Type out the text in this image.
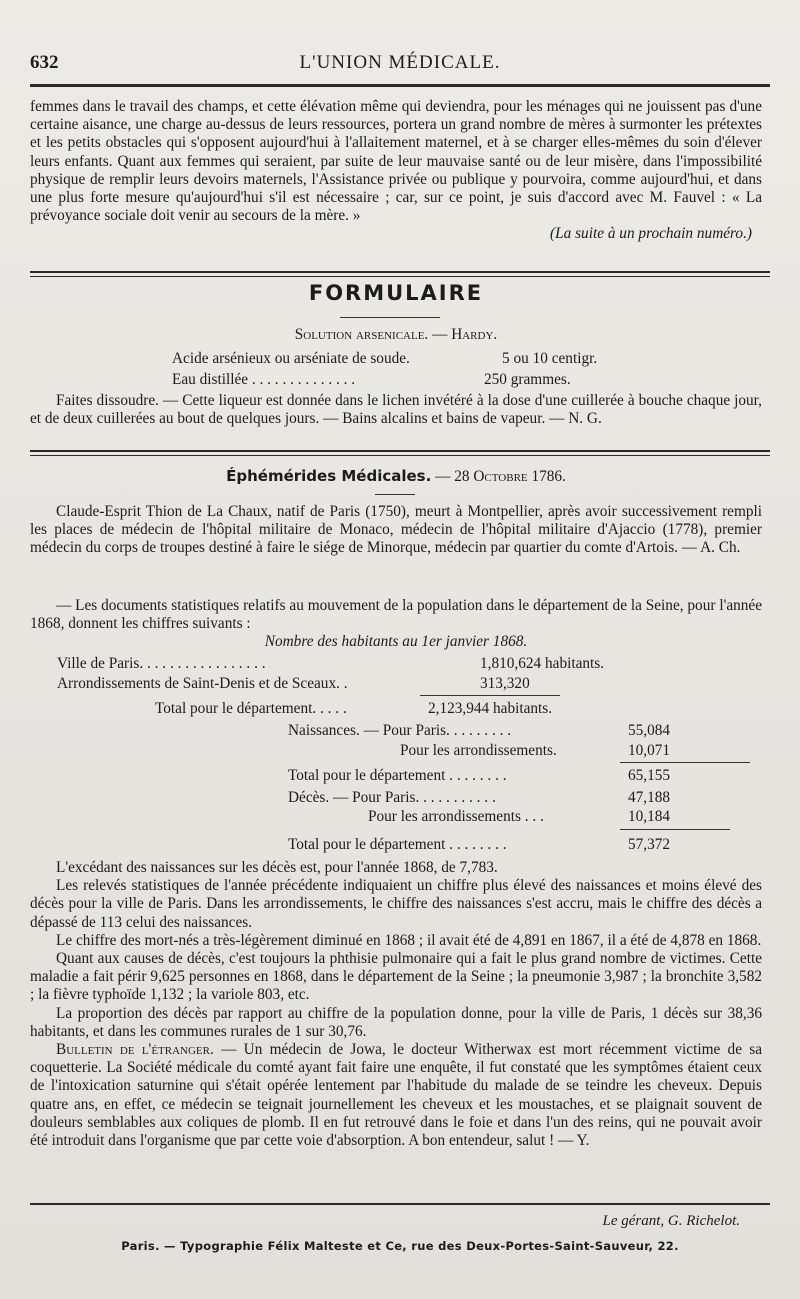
632	L'UNION MÉDICALE.

femmes dans le travail des champs, et cette élévation même qui deviendra, pour les ménages qui ne jouissent pas d'une certaine aisance, une charge au-dessus de leurs ressources, portera un grand nombre de mères à surmonter les prétextes et les petits obstacles qui s'opposent aujourd'hui à l'allaitement maternel, et à se charger elles-mêmes du soin d'élever leurs enfants. Quant aux femmes qui seraient, par suite de leur mauvaise santé ou de leur misère, dans l'impossibilité physique de remplir leurs devoirs maternels, l'Assistance privée ou publique y pourvoira, comme aujourd'hui, et dans une plus forte mesure qu'aujourd'hui s'il est nécessaire ; car, sur ce point, je suis d'accord avec M. Fauvel : « La prévoyance sociale doit venir au secours de la mère. »

(La suite à un prochain numéro.)

FORMULAIRE
Solution arsenicale. — Hardy.
Acide arsénieux ou arséniate de soude.	5 ou 10 centigr.
Eau distillée . . . . . . . . . . . . . .	250 grammes.

Faites dissoudre. — Cette liqueur est donnée dans le lichen invétéré à la dose d'une cuillerée à bouche chaque jour, et de deux cuillerées au bout de quelques jours. — Bains alcalins et bains de vapeur. — N. G.

Éphémérides Médicales. — 28 Octobre 1786.

Claude-Esprit Thion de La Chaux, natif de Paris (1750), meurt à Montpellier, après avoir successivement rempli les places de médecin de l'hôpital militaire de Monaco, médecin de l'hôpital militaire d'Ajaccio (1778), premier médecin du corps de troupes destiné à faire le siége de Minorque, médecin par quartier du comte d'Artois. — A. Ch.

— Les documents statistiques relatifs au mouvement de la population dans le département de la Seine, pour l'année 1868, donnent les chiffres suivants :

Nombre des habitants au 1er janvier 1868.

Ville de Paris. . . . . . . . . . . . . . . . .	1,810,624 habitants.
Arrondissements de Saint-Denis et de Sceaux. .	313,320
Total pour le département. . . . .	2,123,944 habitants.
Naissances. — Pour Paris. . . . . . . . .	55,084
Pour les arrondissements.	10,071
Total pour le département . . . . . . . .	65,155
Décès. — Pour Paris. . . . . . . . . . .	47,188
Pour les arrondissements . . .	10,184
Total pour le département . . . . . . . .	57,372

L'excédant des naissances sur les décès est, pour l'année 1868, de 7,783.

Les relevés statistiques de l'année précédente indiquaient un chiffre plus élevé des naissances et moins élevé des décès pour la ville de Paris. Dans les arrondissements, le chiffre des naissances s'est accru, mais le chiffre des décès a dépassé de 113 celui des naissances.

Le chiffre des mort-nés a très-légèrement diminué en 1868 ; il avait été de 4,891 en 1867, il a été de 4,878 en 1868.

Quant aux causes de décès, c'est toujours la phthisie pulmonaire qui a fait le plus grand nombre de victimes. Cette maladie a fait périr 9,625 personnes en 1868, dans le département de la Seine ; la pneumonie 3,987 ; la bronchite 3,582 ; la fièvre typhoïde 1,132 ; la variole 803, etc.

La proportion des décès par rapport au chiffre de la population donne, pour la ville de Paris, 1 décès sur 38,36 habitants, et dans les communes rurales de 1 sur 30,76.

Bulletin de l'étranger. — Un médecin de Jowa, le docteur Witherwax est mort récemment victime de sa coquetterie. La Société médicale du comté ayant fait faire une enquête, il fut constaté que les symptômes étaient ceux de l'intoxication saturnine qui s'était opérée lentement par l'habitude du malade de se teindre les cheveux. Depuis quatre ans, en effet, ce médecin se teignait journellement les cheveux et les moustaches, et se plaignait souvent de douleurs semblables aux coliques de plomb. Il en fut retrouvé dans le foie et dans l'un des reins, qui ne pouvait avoir été introduit dans l'organisme que par cette voie d'absorption. A bon entendeur, salut ! — Y.

Le gérant, G. Richelot.
Paris. — Typographie Félix Malteste et Ce, rue des Deux-Portes-Saint-Sauveur, 22.
